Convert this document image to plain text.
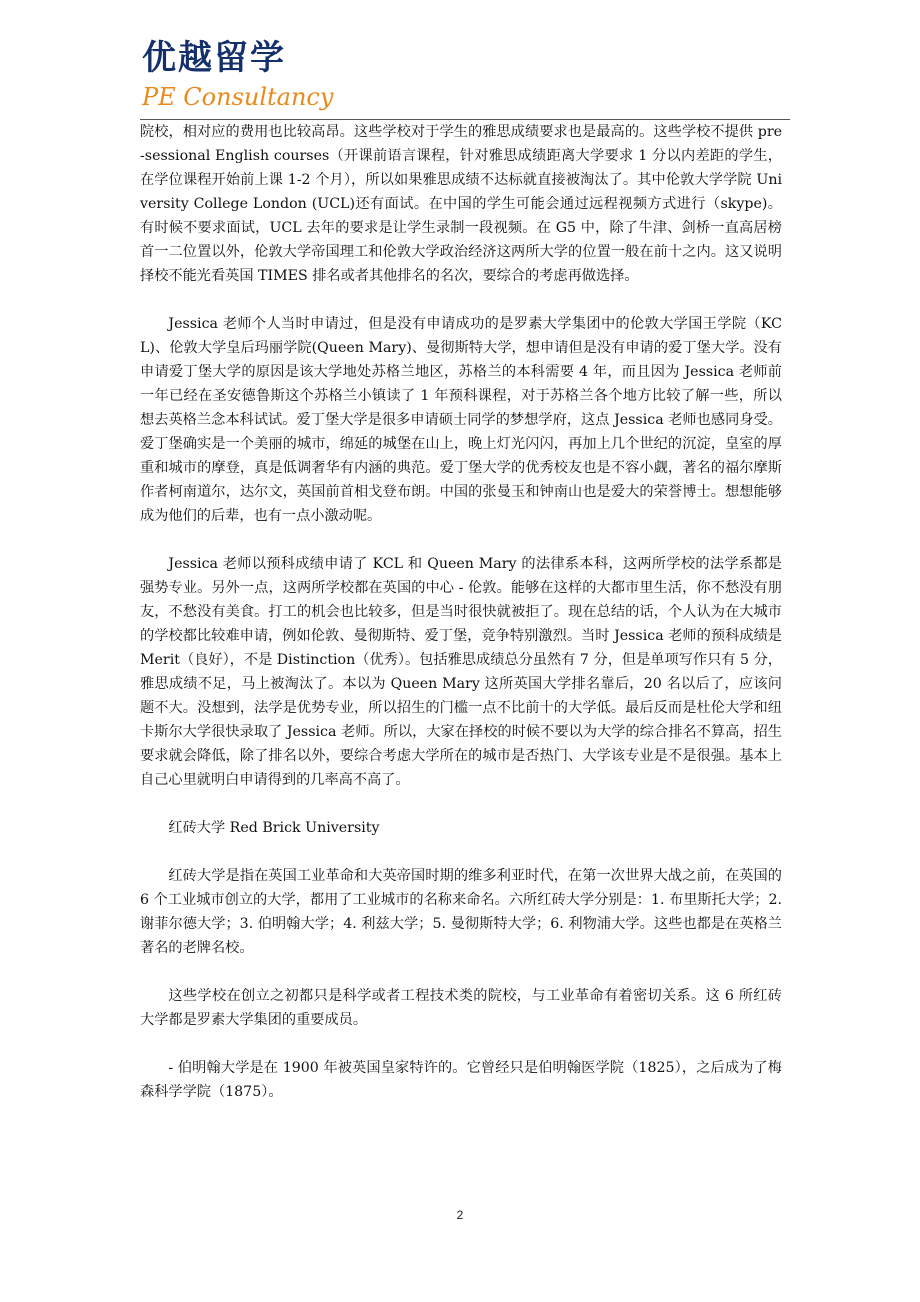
优越留学
PE Consultancy

院校，相对应的费用也比较高昂。这些学校对于学生的雅思成绩要求也是最高的。这些学校不提供 pre-sessional English courses（开课前语言课程，针对雅思成绩距离大学要求 1 分以内差距的学生，在学位课程开始前上课 1-2 个月），所以如果雅思成绩不达标就直接被淘汰了。其中伦敦大学学院 University College London (UCL)还有面试。在中国的学生可能会通过远程视频方式进行（skype)。有时候不要求面试，UCL 去年的要求是让学生录制一段视频。在 G5 中，除了牛津、剑桥一直高居榜首一二位置以外，伦敦大学帝国理工和伦敦大学政治经济这两所大学的位置一般在前十之内。这又说明择校不能光看英国 TIMES 排名或者其他排名的名次，要综合的考虑再做选择。

Jessica 老师个人当时申请过，但是没有申请成功的是罗素大学集团中的伦敦大学国王学院（KCL)、伦敦大学皇后玛丽学院(Queen Mary)、曼彻斯特大学，想申请但是没有申请的爱丁堡大学。没有申请爱丁堡大学的原因是该大学地处苏格兰地区，苏格兰的本科需要 4 年，而且因为 Jessica 老师前一年已经在圣安德鲁斯这个苏格兰小镇读了 1 年预科课程，对于苏格兰各个地方比较了解一些，所以想去英格兰念本科试试。爱丁堡大学是很多申请硕士同学的梦想学府，这点 Jessica 老师也感同身受。爱丁堡确实是一个美丽的城市，绵延的城堡在山上，晚上灯光闪闪，再加上几个世纪的沉淀，皇室的厚重和城市的摩登，真是低调奢华有内涵的典范。爱丁堡大学的优秀校友也是不容小觑，著名的福尔摩斯作者柯南道尔，达尔文，英国前首相戈登布朗。中国的张曼玉和钟南山也是爱大的荣誉博士。想想能够成为他们的后辈，也有一点小激动呢。

Jessica 老师以预科成绩申请了 KCL 和 Queen Mary 的法律系本科，这两所学校的法学系都是强势专业。另外一点，这两所学校都在英国的中心 - 伦敦。能够在这样的大都市里生活，你不愁没有朋友，不愁没有美食。打工的机会也比较多，但是当时很快就被拒了。现在总结的话，个人认为在大城市的学校都比较难申请，例如伦敦、曼彻斯特、爱丁堡，竞争特别激烈。当时 Jessica 老师的预科成绩是 Merit（良好），不是 Distinction（优秀）。包括雅思成绩总分虽然有 7 分，但是单项写作只有 5 分，雅思成绩不足，马上被淘汰了。本以为 Queen Mary 这所英国大学排名靠后，20 名以后了，应该问题不大。没想到，法学是优势专业，所以招生的门槛一点不比前十的大学低。最后反而是杜伦大学和纽卡斯尔大学很快录取了 Jessica 老师。所以，大家在择校的时候不要以为大学的综合排名不算高，招生要求就会降低，除了排名以外，要综合考虑大学所在的城市是否热门、大学该专业是不是很强。基本上自己心里就明白申请得到的几率高不高了。

红砖大学 Red Brick University

红砖大学是指在英国工业革命和大英帝国时期的维多利亚时代，在第一次世界大战之前，在英国的 6 个工业城市创立的大学，都用了工业城市的名称来命名。六所红砖大学分别是：1. 布里斯托大学；2. 谢菲尔德大学；3. 伯明翰大学；4. 利兹大学；5. 曼彻斯特大学；6. 利物浦大学。这些也都是在英格兰著名的老牌名校。

这些学校在创立之初都只是科学或者工程技术类的院校，与工业革命有着密切关系。这 6 所红砖大学都是罗素大学集团的重要成员。

- 伯明翰大学是在 1900 年被英国皇家特许的。它曾经只是伯明翰医学院（1825），之后成为了梅森科学学院（1875）。

2
